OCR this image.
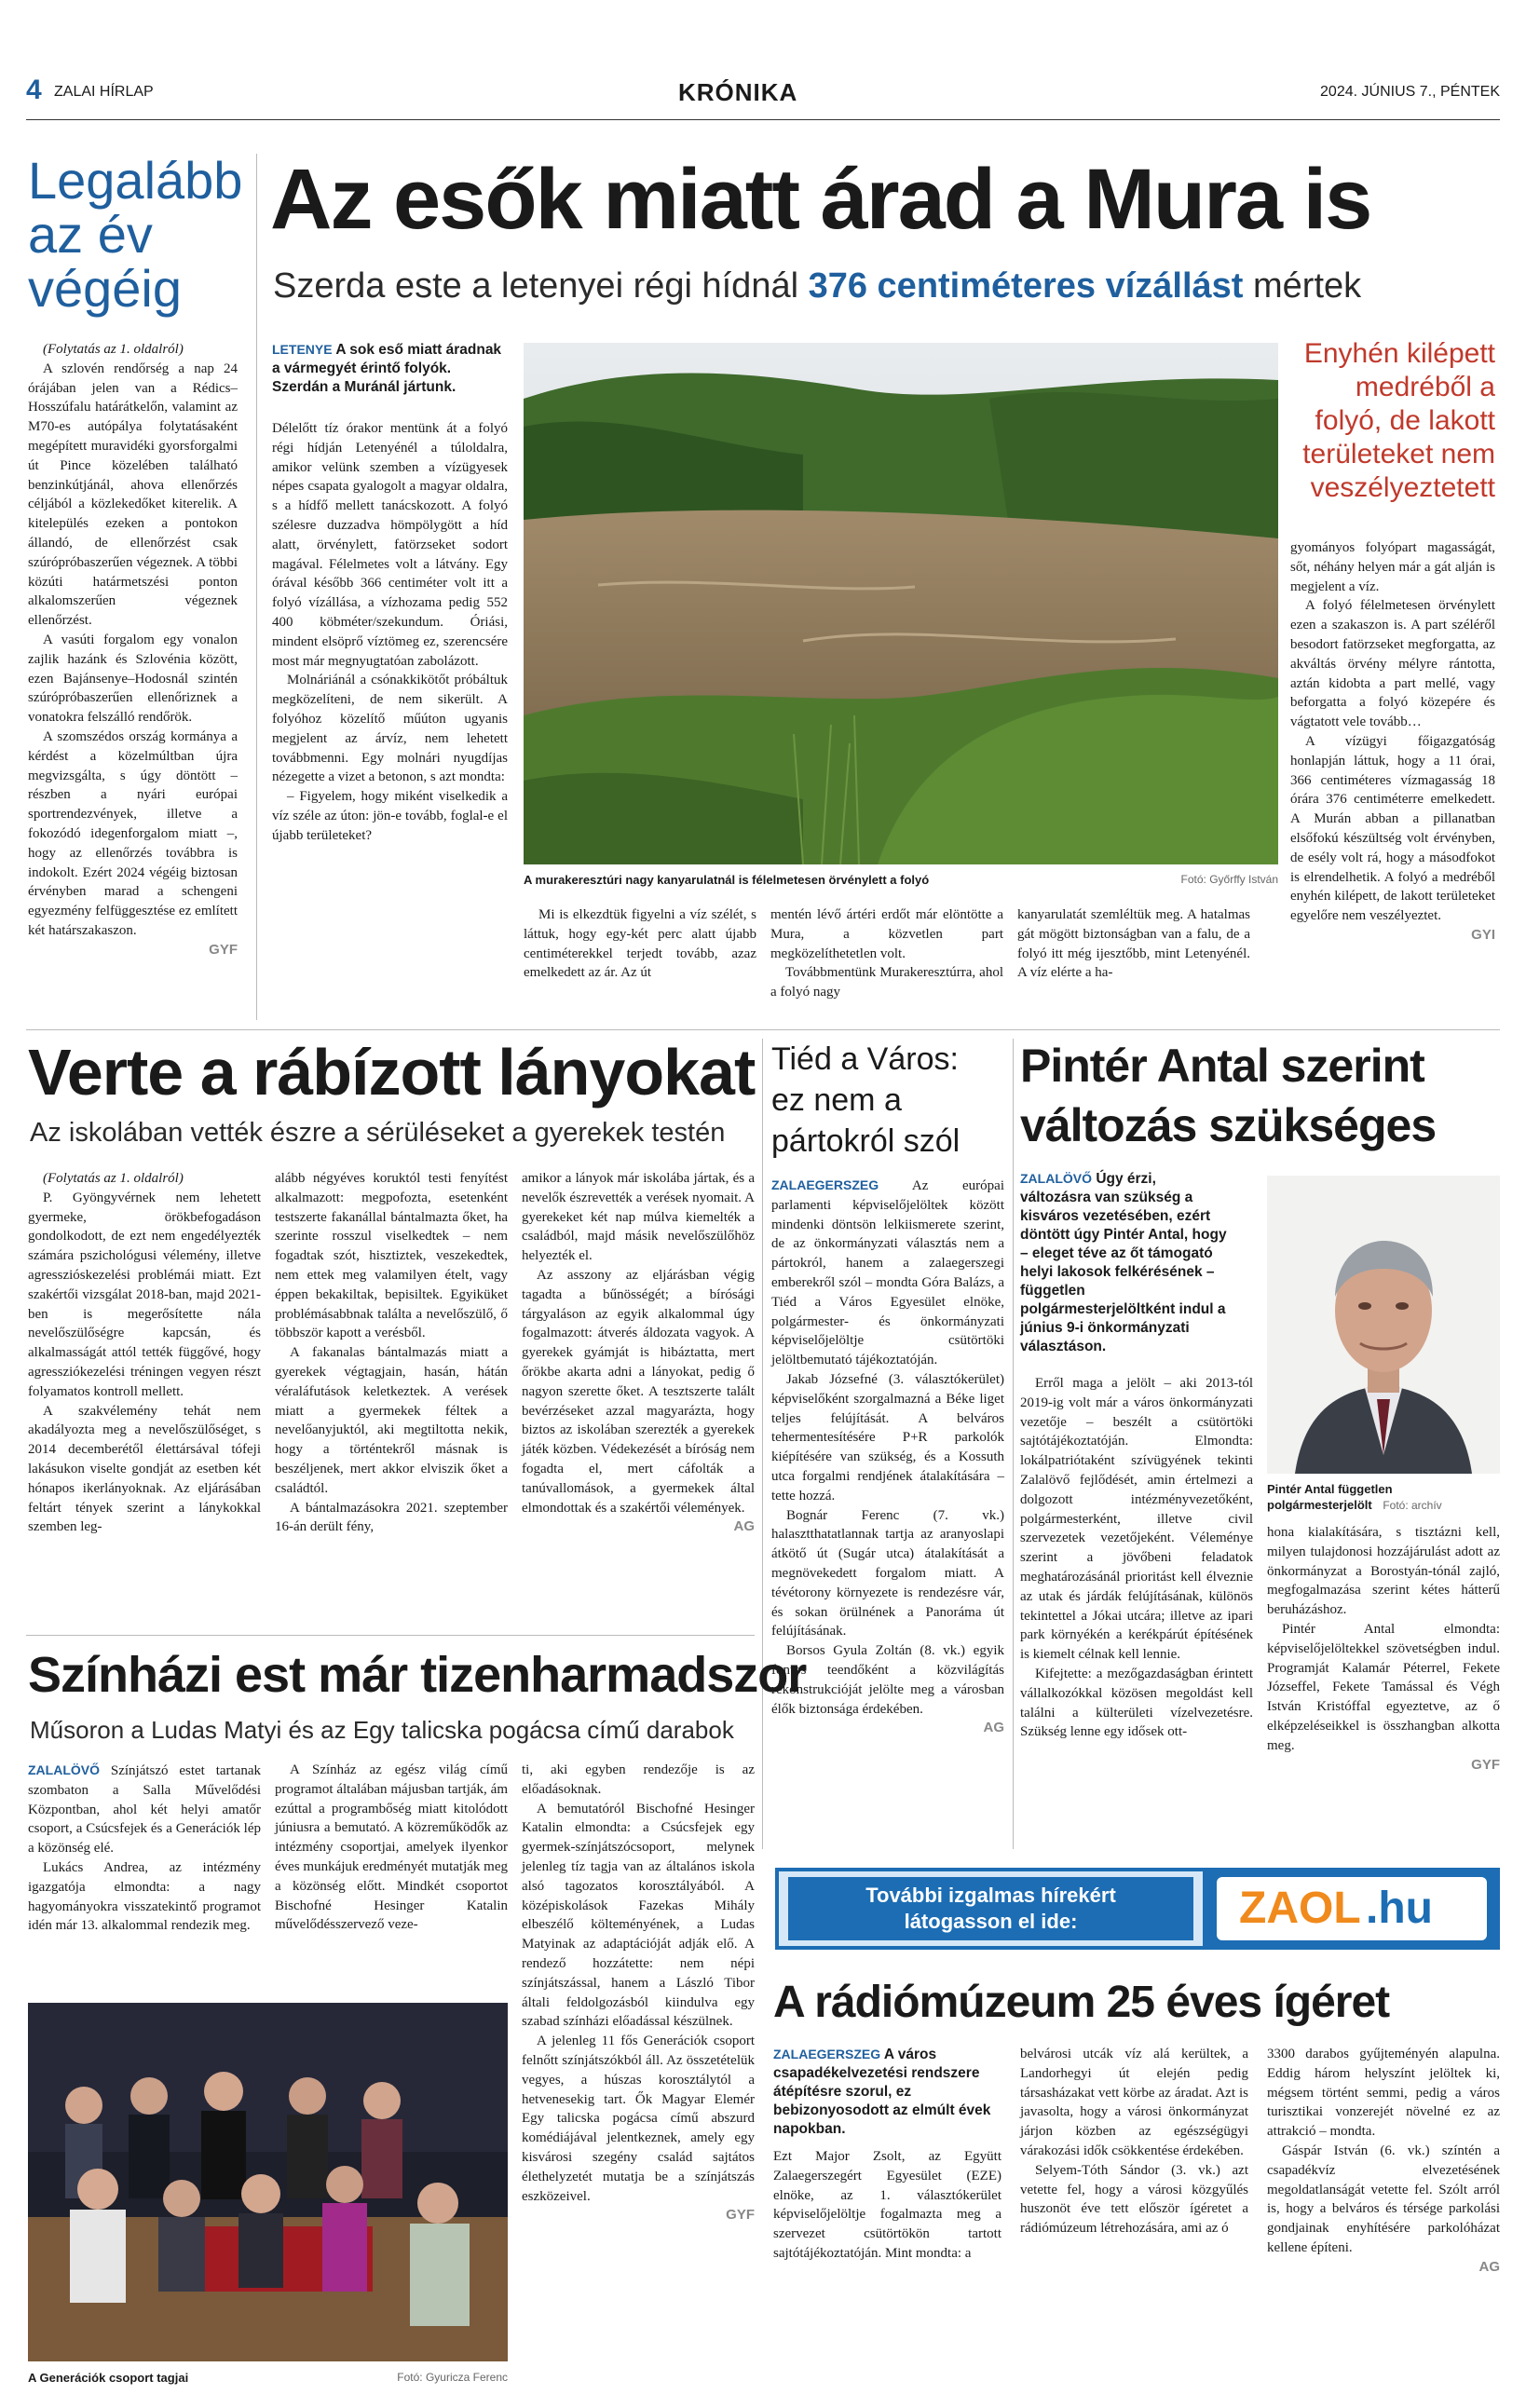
4 ZALAI HÍRLAP	KRÓNIKA	2024. JÚNIUS 7., PÉNTEK
Legalább
az év
végéig

(Folytatás az 1. oldalról)

A szlovén rendőrség a nap 24 órájában jelen van a Rédics–Hosszúfalu határátkelőn, valamint az M70-es autópálya folytatásaként megépített muravidéki gyorsforgalmi út Pince közelében található benzinkútjánál, ahova ellenőrzés céljából a közlekedőket kiterelik. A kitelepülés ezeken a pontokon állandó, de ellenőrzést csak szúrópróbaszerűen végeznek. A többi közúti határmetszési ponton alkalomszerűen végeznek ellenőrzést.

A vasúti forgalom egy vonalon zajlik hazánk és Szlovénia között, ezen Bajánsenye–Hodosnál szintén szúrópróbaszerűen ellenőriznek a vonatokra felszálló rendőrök.

A szomszédos ország kormánya a kérdést a közelmúltban újra megvizsgálta, s úgy döntött – részben a nyári európai sportrendezvények, illetve a fokozódó idegenforgalom miatt –, hogy az ellenőrzés továbbra is indokolt. Ezért 2024 végéig biztosan érvényben marad a schengeni egyezmény felfüggesztése ez említett két határszakaszon.

GYF
Az esők miatt árad a Mura is
Szerda este a letenyei régi hídnál 376 centiméteres vízállást mértek
LETENYE A sok eső miatt áradnak a vármegyét érintő folyók. Szerdán a Muránál jártunk.

Délelőtt tíz órakor mentünk át a folyó régi hídján Letenyénél a túloldalra, amikor velünk szemben a vízügyesek népes csapata gyalogolt a magyar oldalra, s a hídfő mellett tanácskozott. A folyó szélesre duzzadva hömpölygött a híd alatt, örvénylett, fatörzseket sodort magával. Félelmetes volt a látvány. Egy órával később 366 centiméter volt itt a folyó vízállása, a vízhozama pedig 552 400 köbméter/szekundum. Óriási, mindent elsöprő víztömeg ez, szerencsére most már megnyugtatóan zabolázott.

Molnáriánál a csónakkikötőt próbáltuk megközelíteni, de nem sikerült. A folyóhoz közelítő műúton ugyanis megjelent az árvíz, nem lehetett továbbmenni. Egy molnári nyugdíjas nézegette a vizet a betonon, s azt mondta:

– Figyelem, hogy miként viselkedik a víz széle az úton: jön-e tovább, foglal-e el újabb területeket?

A murakeresztúri nagy kanyarulatnál is félelmetesen örvénylett a folyó	Fotó: Győrffy István

Mi is elkezdtük figyelni a víz szélét, s láttuk, hogy egy-két perc alatt újabb centiméterekkel terjedt tovább, azaz emelkedett az ár. Az út

mentén lévő ártéri erdőt már elöntötte a Mura, a közvetlen part megközelíthetetlen volt.

Továbbmentünk Murakeresztúrra, ahol a folyó nagy

kanyarulatát szemléltük meg. A hatalmas gát mögött biztonságban van a falu, de a folyó itt még ijesztőbb, mint Letenyénél. A víz elérte a ha-

Enyhén kilépett medréből a folyó, de lakott területeket nem veszélyeztetett

gyományos folyópart magasságát, sőt, néhány helyen már a gát alján is megjelent a víz.

A folyó félelmetesen örvénylett ezen a szakaszon is. A part széléről besodort fatörzseket megforgatta, az akváltás örvény mélyre rántotta, aztán kidobta a part mellé, vagy beforgatta a folyó közepére és vágtatott vele tovább…

A vízügyi főigazgatóság honlapján láttuk, hogy a 11 órai, 366 centiméteres vízmagasság 18 órára 376 centiméterre emelkedett. A Murán abban a pillanatban elsőfokú készültség volt érvényben, de esély volt rá, hogy a másodfokot is elrendelhetik. A folyó a medréből enyhén kilépett, de lakott területeket egyelőre nem veszélyeztet.

GYI
Verte a rábízott lányokat
Az iskolában vették észre a sérüléseket a gyerekek testén

(Folytatás az 1. oldalról)

P. Gyöngyvérnek nem lehetett gyermeke, örökbefogadáson gondolkodott, de ezt nem engedélyezték számára pszichológusi vélemény, illetve agresszióskezelési problémái miatt. Ezt szakértői vizsgálat 2018-ban, majd 2021-ben is megerősítette nála nevelőszülőségre kapcsán, és alkalmasságát attól tették függővé, hogy agressziókezelési tréningen vegyen részt folyamatos kontroll mellett.

A szakvélemény tehát nem akadályozta meg a nevelőszülőséget, s 2014 decemberétől élettársával tófeji lakásukon viselte gondját az esetben két hónapos ikerlányoknak. Az eljárásában feltárt tények szerint a lánykokkal szemben leg-

alább négyéves koruktól testi fenyítést alkalmazott: megpofozta, esetenként testszerte fakanállal bántalmazta őket, ha szerinte rosszul viselkedtek – nem fogadtak szót, hisztiztek, veszekedtek, nem ettek meg valamilyen ételt, vagy éppen bekakiltak, bepisiltek. Egyiküket problémásabbnak találta a nevelőszülő, ő többször kapott a verésből.

A fakanalas bántalmazás miatt a gyerekek végtagjain, hasán, hátán véraláfutások keletkeztek. A verések miatt a gyermekek féltek a nevelőanyjuktól, aki megtiltotta nekik, hogy a történtekről másnak is beszéljenek, mert akkor elviszik őket a családtól.

A bántalmazásokra 2021. szeptember 16-án derült fény,

amikor a lányok már iskolába jártak, és a nevelők észrevették a verések nyomait. A gyerekeket két nap múlva kiemelték a családból, majd másik nevelőszülőhöz helyezték el.

Az asszony az eljárásban végig tagadta a bűnösségét; a bírósági tárgyaláson az egyik alkalommal úgy fogalmazott: átverés áldozata vagyok. A gyerekek gyámját is hibáztatta, mert őrökbe akarta adni a lányokat, pedig ő nagyon szerette őket. A tesztszerte talált bevérzéseket azzal magyarázta, hogy biztos az iskolában szerezték a gyerekek játék közben. Védekezését a bíróság nem fogadta el, mert cáfolták a tanúvallomások, a gyermekek által elmondottak és a szakértői vélemények.

AG
Tiéd a Város:
ez nem a
pártokról szól

ZALAEGERSZEG Az európai parlamenti képviselőjelöltek között mindenki döntsön lelkiismerete szerint, de az önkormányzati választás nem a pártokról, hanem a zalaegerszegi emberekről szól – mondta Góra Balázs, a Tiéd a Város Egyesület elnöke, polgármester- és önkormányzati képviselőjelöltje csütörtöki jelöltbemutató tájékoztatóján.

Jakab Józsefné (3. választókerület) képviselőként szorgalmazná a Béke liget teljes felújítását. A belváros tehermentesítésére P+R parkolók kiépítésére van szükség, és a Kossuth utca forgalmi rendjének átalakítására – tette hozzá.

Bognár Ferenc (7. vk.) halasztthatatlannak tartja az aranyoslapi átkötő út (Sugár utca) átalakítását a megnövekedett forgalom miatt. A tévétorony környezete is rendezésre vár, és sokan örülnének a Panoráma út felújításának.

Borsos Gyula Zoltán (8. vk.) egyik fontos teendőként a közvilágítás rekonstrukcióját jelölte meg a városban élők biztonsága érdekében.

AG
Pintér Antal szerint
változás szükséges
ZALALÖVŐ Úgy érzi, változásra van szükség a kisváros vezetésében, ezért döntött úgy Pintér Antal, hogy – eleget téve az őt támogató helyi lakosok felkérésének – független polgármesterjelöltként indul a június 9-i önkormányzati választáson.
Pintér Antal független polgármesterjelölt Fotó: archív

Erről maga a jelölt – aki 2013-tól 2019-ig volt már a város önkormányzati vezetője – beszélt a csütörtöki sajtótájékoztatóján. Elmondta: lokálpatriótaként szívügyének tekinti Zalalövő fejlődését, amin értelmezi a dolgozott intézményvezetőként, polgármesterként, illetve civil szervezetek vezetőjeként. Véleménye szerint a jövőbeni feladatok meghatározásánál prioritást kell élveznie az utak és járdák felújításának, különös tekintettel a Jókai utcára; illetve az ipari park környékén a kerékpárút építésének is kiemelt célnak kell lennie.

Kifejtette: a mezőgazdaságban érintett vállalkozókkal közösen megoldást kell találni a külterületi vízelvezetésre. Szükség lenne egy idősek ott-

hona kialakítására, s tisztázni kell, milyen tulajdonosi hozzájárulást adott az önkormányzat a Borostyán-tónál zajló, megfogalmazása szerint kétes hátterű beruházáshoz.

Pintér Antal elmondta: képviselőjelöltekkel szövetségben indul. Programját Kalamár Péterrel, Fekete Józseffel, Fekete Tamással és Végh István Kristóffal egyeztetve, az ő elképzeléseikkel is összhangban alkotta meg.

GYF
Színházi est már tizenharmadszor
Műsoron a Ludas Matyi és az Egy talicska pogácsa című darabok

ZALALÖVŐ Színjátszó estet tartanak szombaton a Salla Művelődési Központban, ahol két helyi amatőr csoport, a Csúcsfejek és a Generációk lép a közönség elé.

Lukács Andrea, az intézmény igazgatója elmondta: a nagy hagyományokra visszatekintő programot idén már 13. alkalommal rendezik meg.

A Színház az egész világ című programot általában májusban tartják, ám ezúttal a programbőség miatt kitolódott júniusra a bemutató. A közreműködők az intézmény csoportjai, amelyek ilyenkor éves munkájuk eredményét mutatják meg a közönség előtt. Mindkét csoportot Bischofné Hesinger Katalin művelődésszervező veze-

ti, aki egyben rendezője is az előadásoknak.

A bemutatóról Bischofné Hesinger Katalin elmondta: a Csúcsfejek egy gyermek-színjátszócsoport, melynek jelenleg tíz tagja van az általános iskola alsó tagozatos korosztályából. A középiskolások Fazekas Mihály elbeszélő költeményének, a Ludas Matyinak az adaptációját adják elő. A rendező hozzátette: nem népi színjátszással, hanem a László Tibor általi feldolgozásból kiindulva egy szabad színházi előadással készülnek.

A jelenleg 11 fős Generációk csoport felnőtt színjátszókból áll. Az összetételük vegyes, a húszas korosztálytól a hetvenesekig tart. Ők Magyar Elemér Egy talicska pogácsa című abszurd komédiájával jelentkeznek, amely egy kisvárosi szegény család sajtátos élethelyzetét mutatja be a színjátszás eszközeivel.

GYF
A Generációk csoport tagjai	Fotó: Gyuricza Ferenc
További izgalmas hírekért
látogasson el ide:	ZAOL .hu
A rádiómúzeum 25 éves ígéret
ZALAEGERSZEG A város csapadékelvezetési rendszere átépítésre szorul, ez bebizonyosodott az elmúlt évek napokban.

Ezt Major Zsolt, az Együtt Zalaegerszegért Egyesület (EZE) elnöke, az 1. választókerület képviselőjelöltje fogalmazta meg a szervezet csütörtökön tartott sajtótájékoztatóján. Mint mondta: a

belvárosi utcák víz alá kerültek, a Landorhegyi út elején pedig társasházakat vett körbe az áradat. Azt is javasolta, hogy a városi önkormányzat járjon közben az egészségügyi várakozási idők csökkentése érdekében.

Selyem-Tóth Sándor (3. vk.) azt vetette fel, hogy a városi közgyűlés huszonöt éve tett először ígéretet a rádiómúzeum létrehozására, ami az ó

3300 darabos gyűjteményén alapulna. Eddig három helyszínt jelöltek ki, mégsem történt semmi, pedig a város turisztikai vonzerejét növelné ez az attrakció – mondta.

Gáspár István (6. vk.) színtén a csapadékvíz elvezetésének megoldatlanságát vetette fel. Szólt arról is, hogy a belváros és térsége parkolási gondjainak enyhítésére parkolóházat kellene építeni.

AG
